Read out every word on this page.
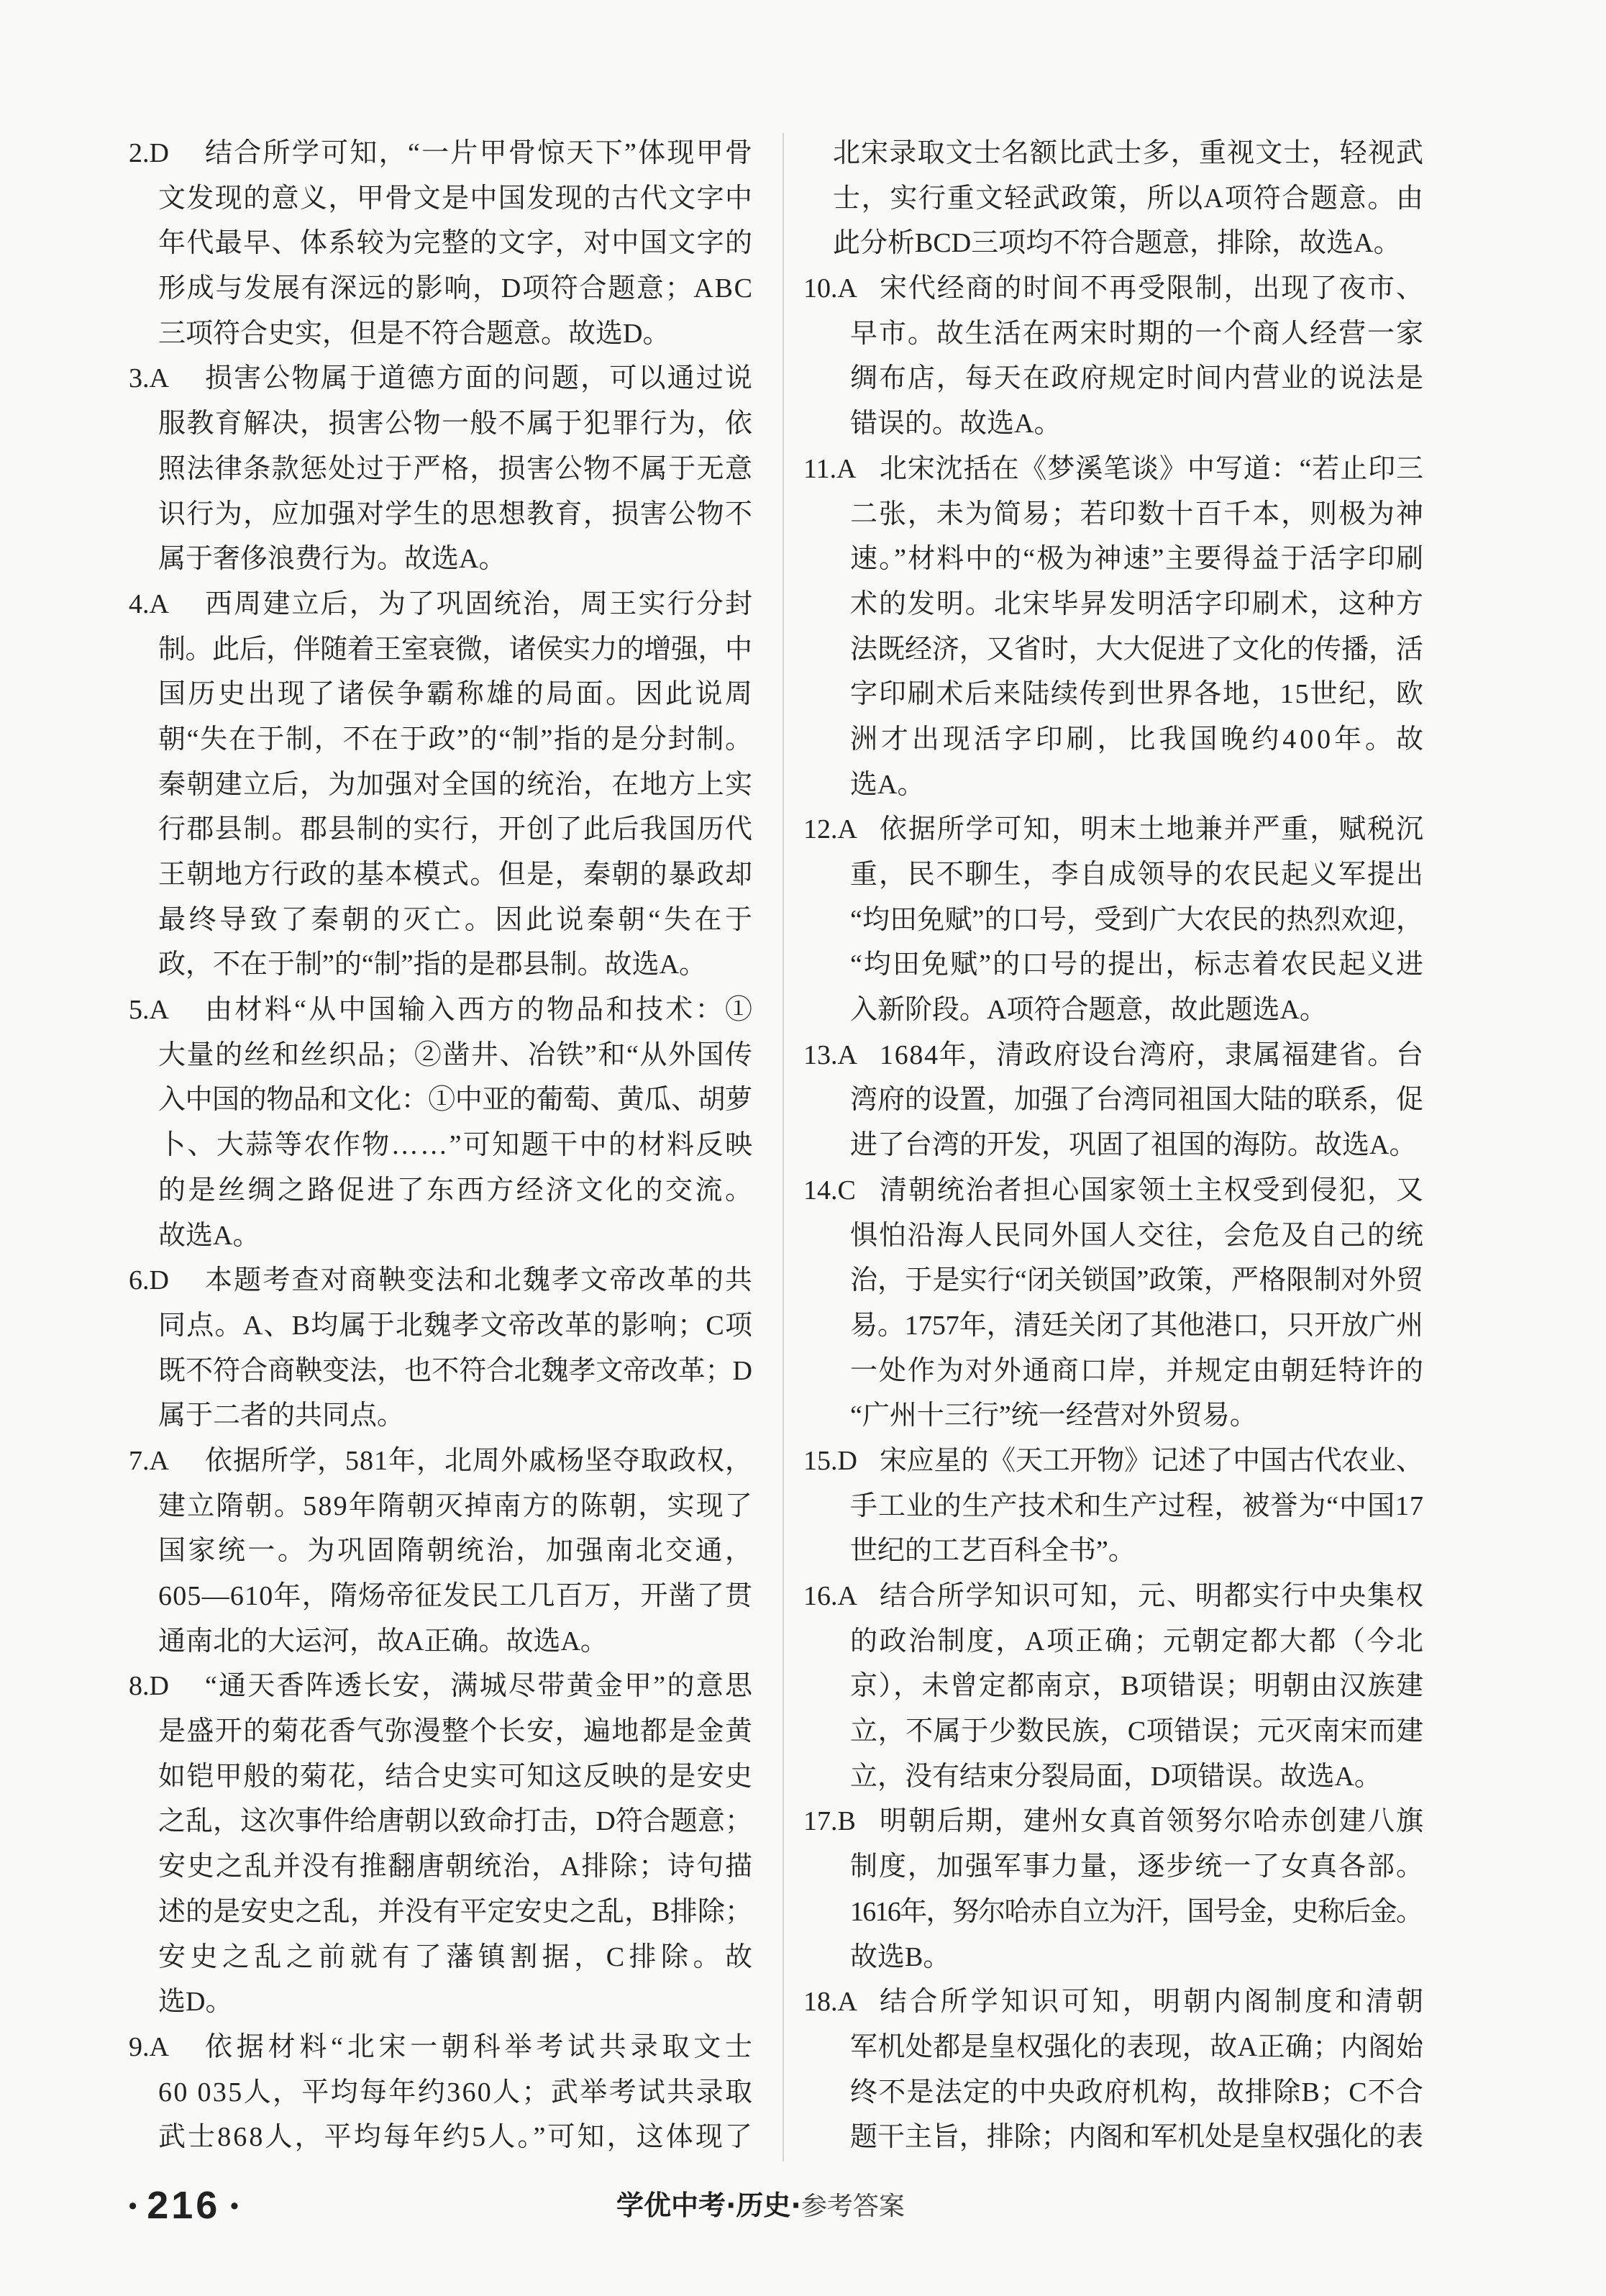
2.D 结合所学可知，“一片甲骨惊天下”体现甲骨
文发现的意义，甲骨文是中国发现的古代文字中
年代最早、体系较为完整的文字，对中国文字的
形成与发展有深远的影响，D项符合题意；ABC
三项符合史实，但是不符合题意。故选D。
3.A 损害公物属于道德方面的问题，可以通过说
服教育解决，损害公物一般不属于犯罪行为，依
照法律条款惩处过于严格，损害公物不属于无意
识行为，应加强对学生的思想教育，损害公物不
属于奢侈浪费行为。故选A。
4.A 西周建立后，为了巩固统治，周王实行分封
制。此后，伴随着王室衰微，诸侯实力的增强，中
国历史出现了诸侯争霸称雄的局面。因此说周
朝“失在于制，不在于政”的“制”指的是分封制。
秦朝建立后，为加强对全国的统治，在地方上实
行郡县制。郡县制的实行，开创了此后我国历代
王朝地方行政的基本模式。但是，秦朝的暴政却
最终导致了秦朝的灭亡。因此说秦朝“失在于
政，不在于制”的“制”指的是郡县制。故选A。
5.A 由材料“从中国输入西方的物品和技术：①
大量的丝和丝织品；②凿井、冶铁”和“从外国传
入中国的物品和文化：①中亚的葡萄、黄瓜、胡萝
卜、大蒜等农作物……”可知题干中的材料反映
的是丝绸之路促进了东西方经济文化的交流。
故选A。
6.D 本题考查对商鞅变法和北魏孝文帝改革的共
同点。A、B均属于北魏孝文帝改革的影响；C项
既不符合商鞅变法，也不符合北魏孝文帝改革；D
属于二者的共同点。
7.A 依据所学，581年，北周外戚杨坚夺取政权，
建立隋朝。589年隋朝灭掉南方的陈朝，实现了
国家统一。为巩固隋朝统治，加强南北交通，
605—610年，隋炀帝征发民工几百万，开凿了贯
通南北的大运河，故A正确。故选A。
8.D “通天香阵透长安，满城尽带黄金甲”的意思
是盛开的菊花香气弥漫整个长安，遍地都是金黄
如铠甲般的菊花，结合史实可知这反映的是安史
之乱，这次事件给唐朝以致命打击，D符合题意；
安史之乱并没有推翻唐朝统治，A排除；诗句描
述的是安史之乱，并没有平定安史之乱，B排除；
安史之乱之前就有了藩镇割据，C排除。故
选D。
9.A 依据材料“北宋一朝科举考试共录取文士
60 035人，平均每年约360人；武举考试共录取
武士868人，平均每年约5人。”可知，这体现了
北宋录取文士名额比武士多，重视文士，轻视武
士，实行重文轻武政策，所以A项符合题意。由
此分析BCD三项均不符合题意，排除，故选A。
10.A 宋代经商的时间不再受限制，出现了夜市、
早市。故生活在两宋时期的一个商人经营一家
绸布店，每天在政府规定时间内营业的说法是
错误的。故选A。
11.A 北宋沈括在《梦溪笔谈》中写道：“若止印三
二张，未为简易；若印数十百千本，则极为神
速。”材料中的“极为神速”主要得益于活字印刷
术的发明。北宋毕昇发明活字印刷术，这种方
法既经济，又省时，大大促进了文化的传播，活
字印刷术后来陆续传到世界各地，15世纪，欧
洲才出现活字印刷，比我国晚约400年。故
选A。
12.A 依据所学可知，明末土地兼并严重，赋税沉
重，民不聊生，李自成领导的农民起义军提出
“均田免赋”的口号，受到广大农民的热烈欢迎，
“均田免赋”的口号的提出，标志着农民起义进
入新阶段。A项符合题意，故此题选A。
13.A 1684年，清政府设台湾府，隶属福建省。台
湾府的设置，加强了台湾同祖国大陆的联系，促
进了台湾的开发，巩固了祖国的海防。故选A。
14.C 清朝统治者担心国家领土主权受到侵犯，又
惧怕沿海人民同外国人交往，会危及自己的统
治，于是实行“闭关锁国”政策，严格限制对外贸
易。1757年，清廷关闭了其他港口，只开放广州
一处作为对外通商口岸，并规定由朝廷特许的
“广州十三行”统一经营对外贸易。
15.D 宋应星的《天工开物》记述了中国古代农业、
手工业的生产技术和生产过程，被誉为“中国17
世纪的工艺百科全书”。
16.A 结合所学知识可知，元、明都实行中央集权
的政治制度，A项正确；元朝定都大都（今北
京），未曾定都南京，B项错误；明朝由汉族建
立，不属于少数民族，C项错误；元灭南宋而建
立，没有结束分裂局面，D项错误。故选A。
17.B 明朝后期，建州女真首领努尔哈赤创建八旗
制度，加强军事力量，逐步统一了女真各部。
1616年，努尔哈赤自立为汗，国号金，史称后金。
故选B。
18.A 结合所学知识可知，明朝内阁制度和清朝
军机处都是皇权强化的表现，故A正确；内阁始
终不是法定的中央政府机构，故排除B；C不合
题干主旨，排除；内阁和军机处是皇权强化的表
• 216 •	学优中考·历史·参考答案
